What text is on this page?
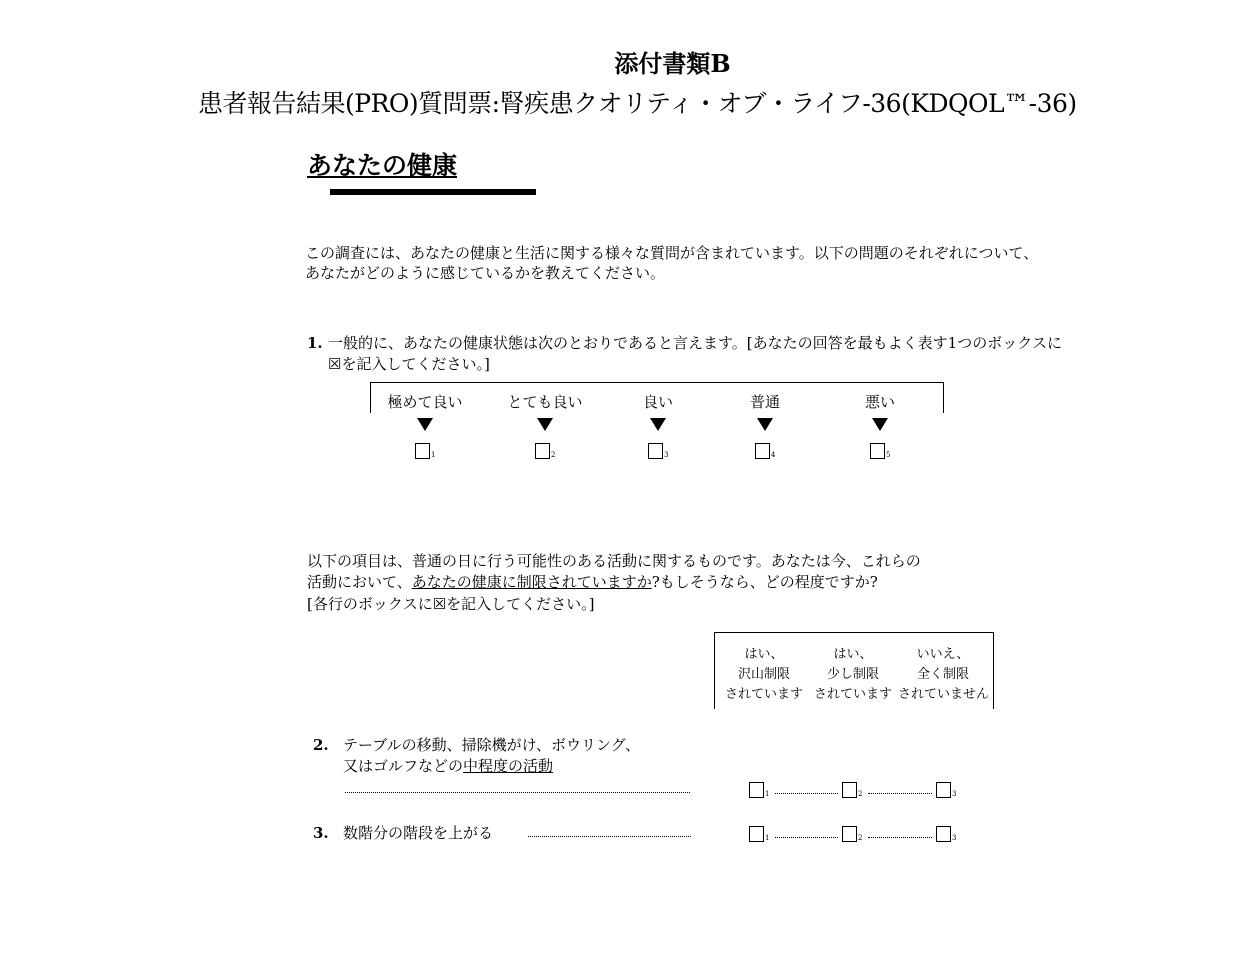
添付書類B
患者報告結果(PRO)質問票:腎疾患クオリティ・オブ・ライフ-36(KDQOL™-36)
あなたの健康
この調査には、あなたの健康と生活に関する様々な質問が含まれています。以下の問題のそれぞれについて、
あなたがどのように感じているかを教えてください。
1. 一般的に、あなたの健康状態は次のとおりであると言えます。[あなたの回答を最もよく表す1つのボックスに
☒を記入してください。]
極めて良い
1
とても良い
2
良い
3
普通
4
悪い
5
以下の項目は、普通の日に行う可能性のある活動に関するものです。あなたは今、これらの
活動において、あなたの健康に制限されていますか?もしそうなら、どの程度ですか?
[各行のボックスに☒を記入してください。]
はい、
沢山制限
されています
はい、
少し制限
されています
いいえ、
全く制限
されていません
2. テーブルの移動、掃除機がけ、ボウリング、
又はゴルフなどの中程度の活動
1	2	3
3. 数階分の階段を上がる	1	2	3
